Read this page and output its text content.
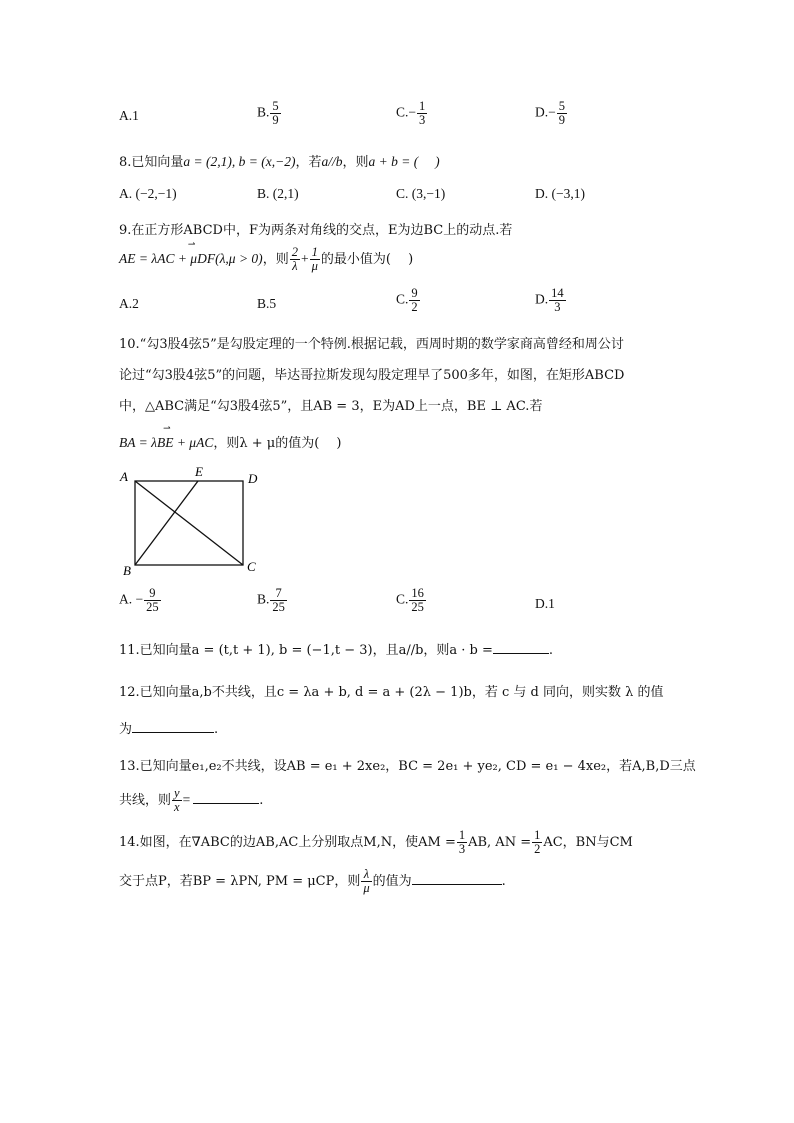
A.1	B. $\frac{5}{9}$	$C.- \frac{1}{3}$	$D.- \frac{5}{9}$
8.已知向量a = (2,1), b = (x,−2)，若a//b，则a + b = (　 )
A. (−2,−1)	B. (2,1)	C. (3,−1)	D. (−3,1)
9.在正方形ABCD中，F为两条对角线的交点，E为边BC上的动点.若
⇀ AE = λAC + μDF(λ,μ > 0)，则 $\frac{2}{\lambda} + \frac{1}{\mu}$ 的最小值为(　 )
A.2	B.5	C. $\frac{9}{2}$	D. $\frac{14}{3}$
10.“勾3股4弦5”是勾股定理的一个特例.根据记载，西周时期的数学家商高曾经和周公讨
论过“勾3股4弦5”的问题，毕达哥拉斯发现勾股定理早了500多年，如图，在矩形ABCD
中，△ABC满足“勾3股4弦5”，且AB = 3，E为AD上一点，BE ⊥ AC.若
⇀ BA = λBE + μAC，则λ + μ的值为(　 )
A	E	D
B	C
A. − $\frac{9}{25}$	B. $\frac{7}{25}$	C. $\frac{16}{25}$	D.1
11.已知向量a = (t,t + 1), b = (−1,t − 3)，且a//b，则a · b =	.
12.已知向量a,b不共线，且c = λa + b, d = a + (2λ − 1)b，若 c 与 d 同向，则实数 λ 的值
为	.
13.已知向量e₁,e₂不共线，设AB = e₁ + 2xe₂，BC = 2e₁ + ye₂, CD = e₁ − 4xe₂，若A,B,D三点
共线，则 $\frac{y}{x}$ =	.
14.如图，在∇ABC的边AB,AC上分别取点M,N，使AM = $\frac{1}{3}$ AB, AN = $\frac{1}{2}$ AC，BN与CM
交于点P，若BP = λPN, PM = μCP，则 $\frac{\lambda}{\mu}$ 的值为	.
